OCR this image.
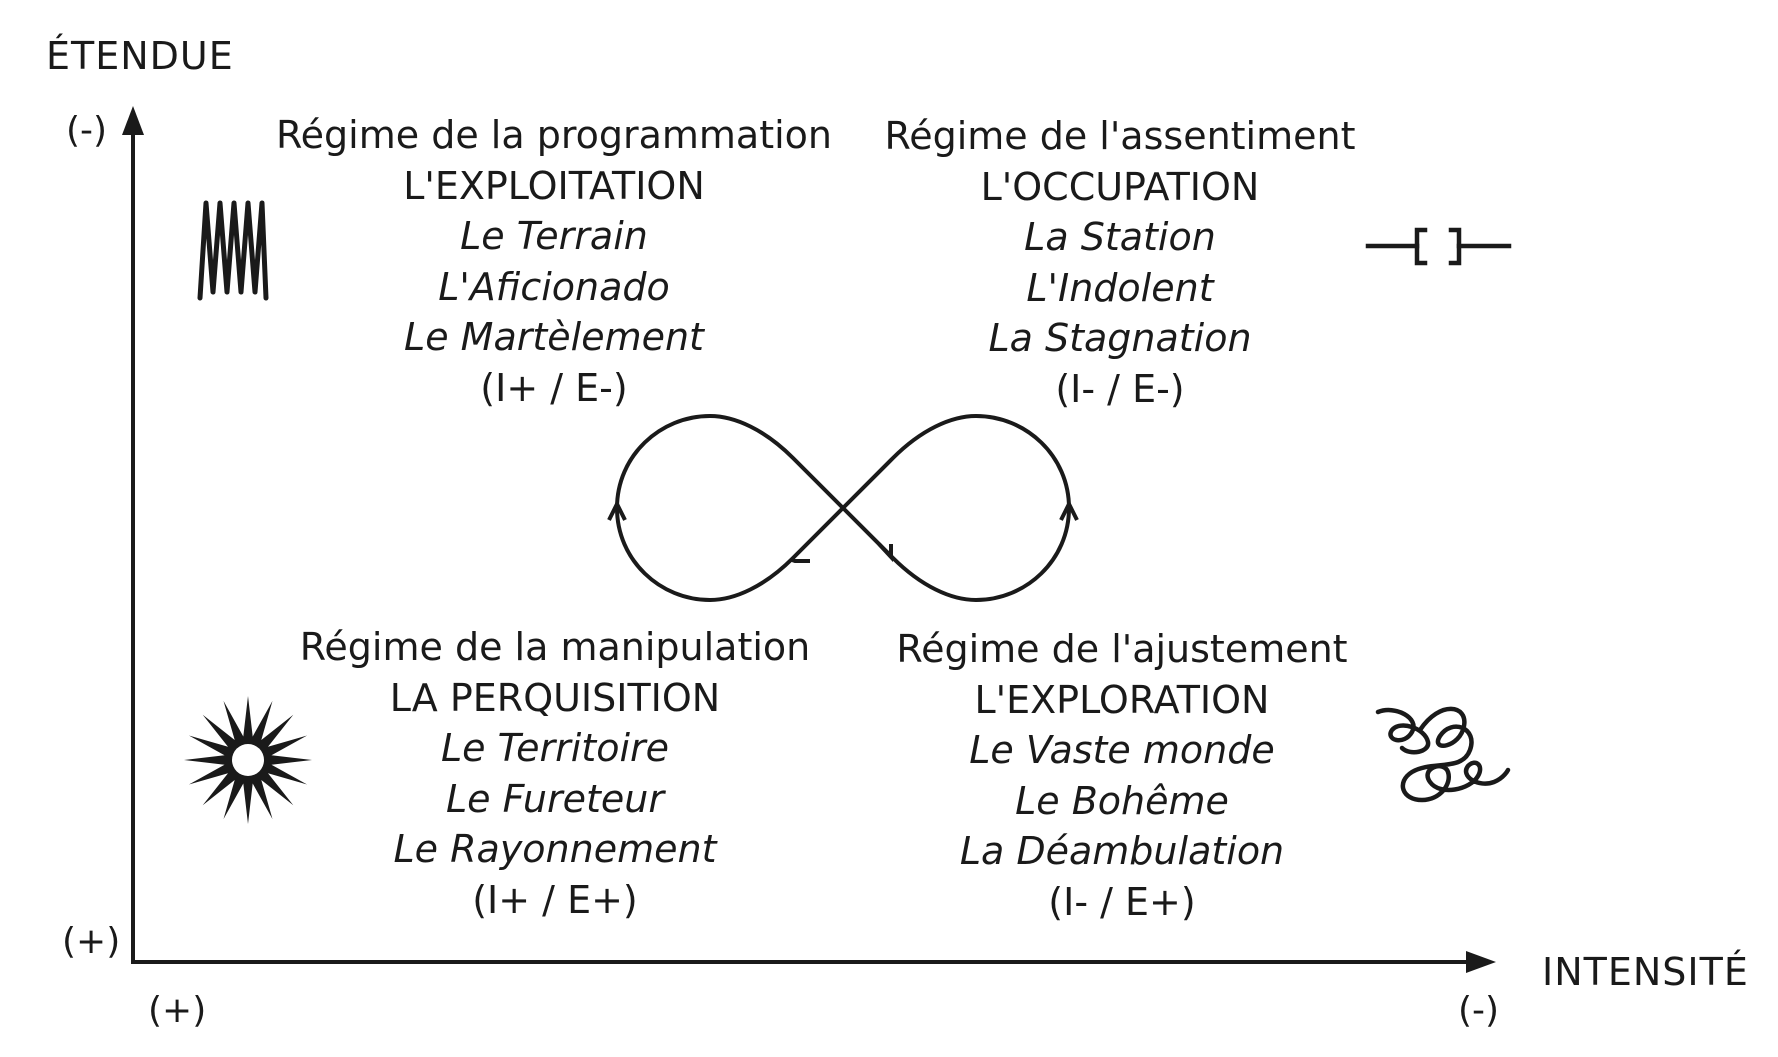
ÉTENDUE
INTENSITÉ
(-)
(+)
(+)	(-)
Régime de la programmation
L'EXPLOITATION
Le Terrain
L'Aficionado
Le Martèlement
(I+ / E-)
Régime de l'assentiment
L'OCCUPATION
La Station
L'Indolent
La Stagnation
(I- / E-)
Régime de la manipulation
LA PERQUISITION
Le Territoire
Le Fureteur
Le Rayonnement
(I+ / E+)
Régime de l'ajustement
L'EXPLORATION
Le Vaste monde
Le Bohême
La Déambulation
(I- / E+)
